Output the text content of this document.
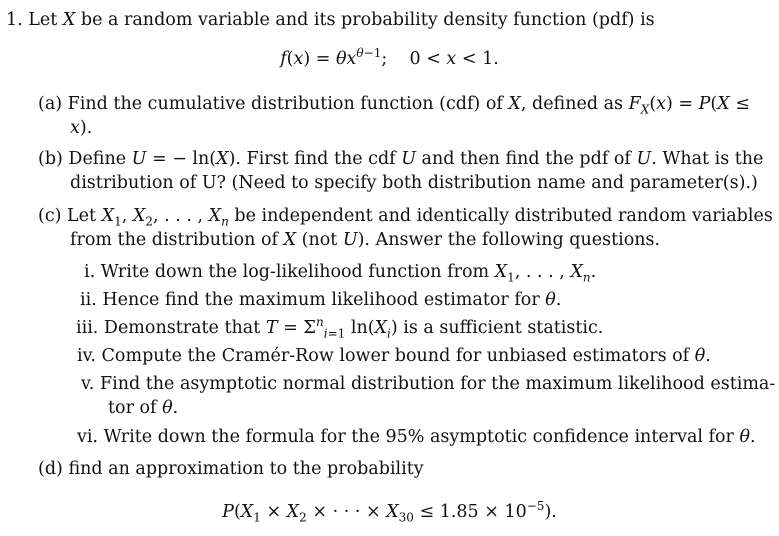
1. Let X be a random variable and its probability density function (pdf) is
$f(x) = \theta x^{\theta-1}$;    0 < x < 1.
(a) Find the cumulative distribution function (cdf) of X, defined as $F_X(x) = P(X$ ≤
x).
(b) Define U = − ln(X). First find the cdf U and then find the pdf of U. What is the
distribution of U? (Need to specify both distribution name and parameter(s).)
(c) Let $X_1$, $X_2$, . . . , $X_n$ be independent and identically distributed random variables
from the distribution of X (not U). Answer the following questions.
i. Write down the log-likelihood function from $X_1$, . . . , $X_n$.
ii. Hence find the maximum likelihood estimator for θ.
iii. Demonstrate that $T = \Sigma^n_{i=1}$ $\ln(X_i)$ is a sufficient statistic.
iv. Compute the Cramér-Row lower bound for unbiased estimators of θ.
v. Find the asymptotic normal distribution for the maximum likelihood estima-
tor of θ.
vi. Write down the formula for the 95% asymptotic confidence interval for θ.
(d) find an approximation to the probability
$P(X_1 \times X_2$ × · · · × $X_{30} \le 1.85 \times 10^{-5}$).
